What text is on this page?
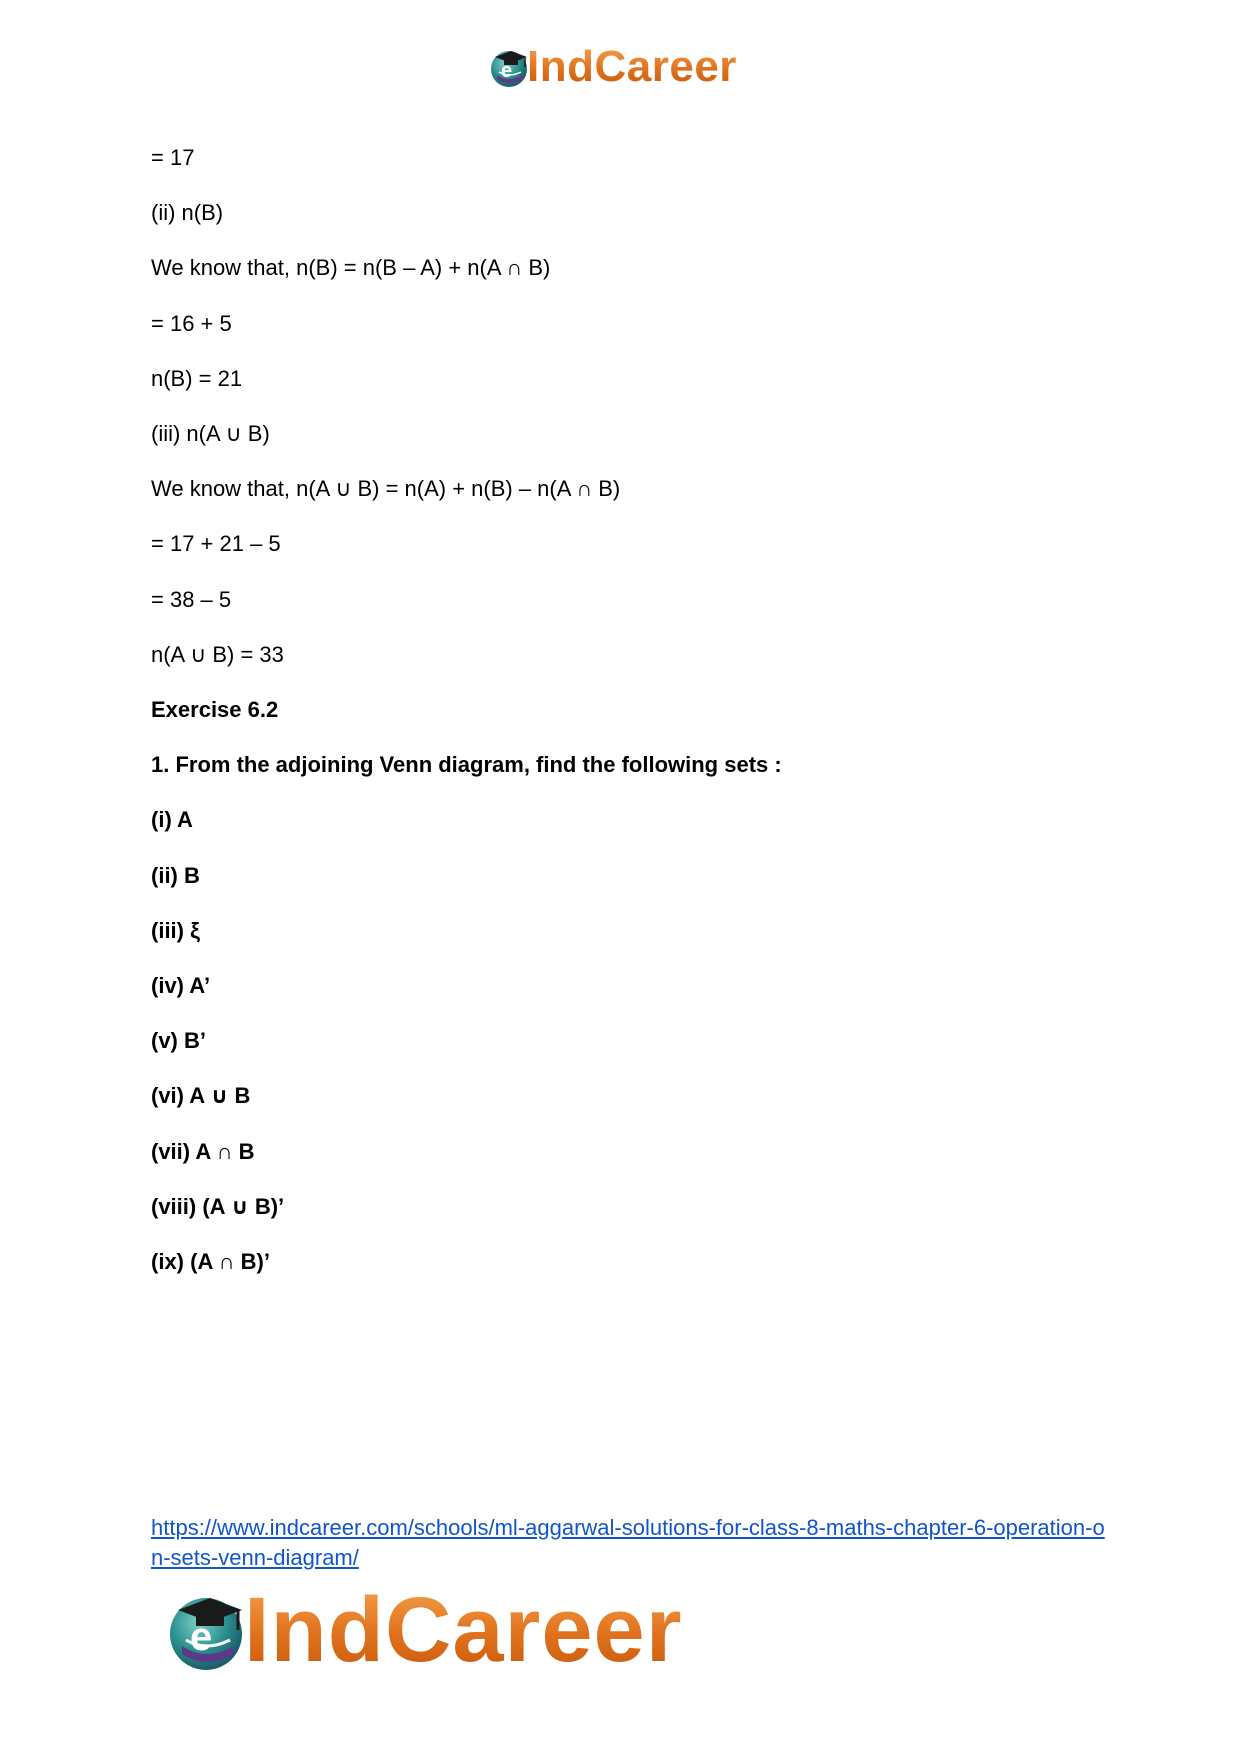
e IndCareer
= 17
(ii) n(B)
We know that, n(B) = n(B – A) + n(A ∩ B)
= 16 + 5
n(B) = 21
(iii) n(A ∪ B)
We know that, n(A ∪ B) = n(A) + n(B) – n(A ∩ B)
= 17 + 21 – 5
= 38 – 5
n(A ∪ B) = 33
Exercise 6.2
1. From the adjoining Venn diagram, find the following sets :
(i) A
(ii) B
(iii) ξ
(iv) A’
(v) B’
(vi) A ∪ B
(vii) A ∩ B
(viii) (A ∪ B)’
(ix) (A ∩ B)’
https://www.indcareer.com/schools/ml-aggarwal-solutions-for-class-8-maths-chapter-6-operation-on-sets-venn-diagram/
e IndCareer
